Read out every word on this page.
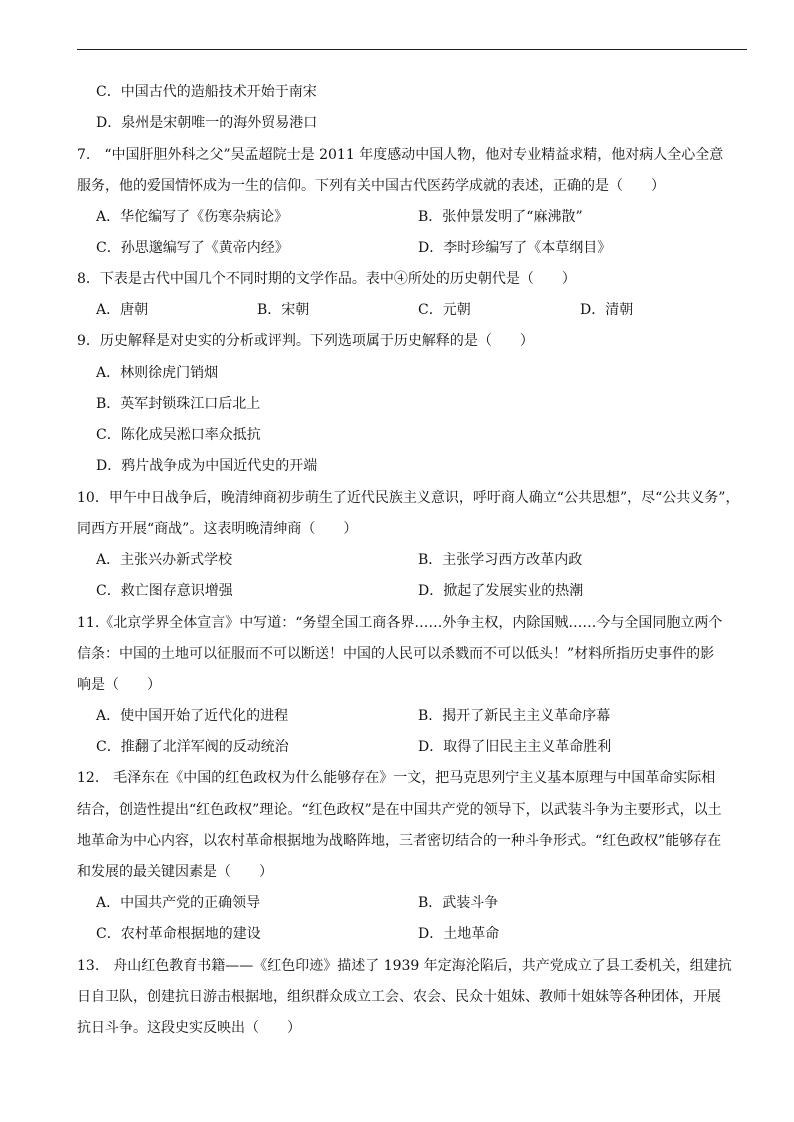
C．中国古代的造船技术开始于南宋
D．泉州是宋朝唯一的海外贸易港口
7.　“中国肝胆外科之父”吴孟超院士是 2011 年度感动中国人物，他对专业精益求精，他对病人全心全意
服务，他的爱国情怀成为一生的信仰。下列有关中国古代医药学成就的表述，正确的是（　　）
A．华佗编写了《伤寒杂病论》	B．张仲景发明了“麻沸散”
C．孙思邈编写了《黄帝内经》	D．李时珍编写了《本草纲目》
8．下表是古代中国几个不同时期的文学作品。表中④所处的历史朝代是（　　）
A．唐朝	B．宋朝	C．元朝	D．清朝
9．历史解释是对史实的分析或评判。下列选项属于历史解释的是（　　）
A．林则徐虎门销烟
B．英军封锁珠江口后北上
C．陈化成吴淞口率众抵抗
D．鸦片战争成为中国近代史的开端
10．甲午中日战争后，晚清绅商初步萌生了近代民族主义意识，呼吁商人确立“公共思想”，尽“公共义务”，
同西方开展“商战”。这表明晚清绅商（　　）
A．主张兴办新式学校	B．主张学习西方改革内政
C．救亡图存意识增强	D．掀起了发展实业的热潮
11.《北京学界全体宣言》中写道：“务望全国工商各界……外争主权，内除国贼……今与全国同胞立两个
信条：中国的土地可以征服而不可以断送！中国的人民可以杀戮而不可以低头！”材料所指历史事件的影
响是（　　）
A．使中国开始了近代化的进程	B．揭开了新民主主义革命序幕
C．推翻了北洋军阀的反动统治	D．取得了旧民主主义革命胜利
12.　毛泽东在《中国的红色政权为什么能够存在》一文，把马克思列宁主义基本原理与中国革命实际相
结合，创造性提出“红色政权”理论。“红色政权”是在中国共产党的领导下，以武装斗争为主要形式，以土
地革命为中心内容，以农村革命根据地为战略阵地，三者密切结合的一种斗争形式。“红色政权”能够存在
和发展的最关键因素是（　　）
A．中国共产党的正确领导	B．武装斗争
C．农村革命根据地的建设	D．土地革命
13.　舟山红色教育书籍——《红色印迹》描述了 1939 年定海沦陷后，共产党成立了县工委机关，组建抗
日自卫队，创建抗日游击根据地，组织群众成立工会、农会、民众十姐妹、教师十姐妹等各种团体，开展
抗日斗争。这段史实反映出（　　）
